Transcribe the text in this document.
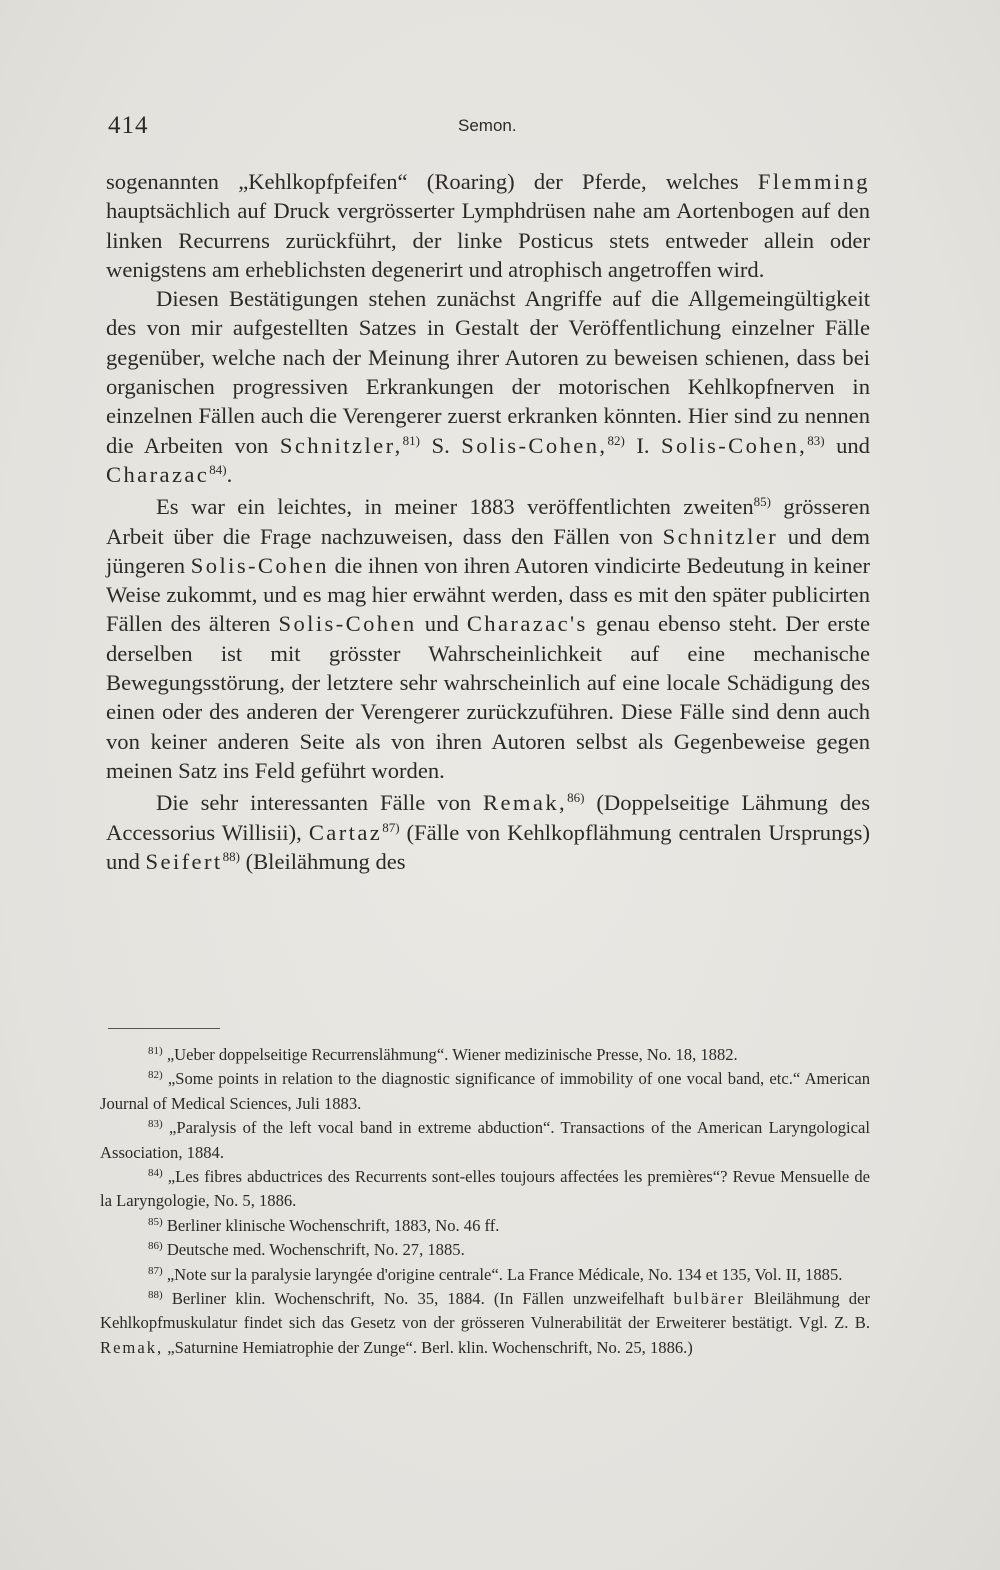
414	Semon.

sogenannten „Kehlkopfpfeifen“ (Roaring) der Pferde, welches Flemming hauptsächlich auf Druck vergrösserter Lymphdrüsen nahe am Aortenbogen auf den linken Recurrens zurückführt, der linke Posticus stets entweder allein oder wenigstens am erheblichsten degenerirt und atrophisch angetroffen wird.

Diesen Bestätigungen stehen zunächst Angriffe auf die Allgemeingültigkeit des von mir aufgestellten Satzes in Gestalt der Veröffentlichung einzelner Fälle gegenüber, welche nach der Meinung ihrer Autoren zu beweisen schienen, dass bei organischen progressiven Erkrankungen der motorischen Kehlkopfnerven in einzelnen Fällen auch die Verengerer zuerst erkranken könnten. Hier sind zu nennen die Arbeiten von Schnitzler,$^{81)}$ S. Solis-Cohen,$^{82)}$ I. Solis-Cohen,$^{83)}$ und Charazac$^{84)}$.

Es war ein leichtes, in meiner 1883 veröffentlichten zweiten$^{85)}$ grösseren Arbeit über die Frage nachzuweisen, dass den Fällen von Schnitzler und dem jüngeren Solis-Cohen die ihnen von ihren Autoren vindicirte Bedeutung in keiner Weise zukommt, und es mag hier erwähnt werden, dass es mit den später publicirten Fällen des älteren Solis-Cohen und Charazac's genau ebenso steht. Der erste derselben ist mit grösster Wahrscheinlichkeit auf eine mechanische Bewegungsstörung, der letztere sehr wahrscheinlich auf eine locale Schädigung des einen oder des anderen der Verengerer zurückzuführen. Diese Fälle sind denn auch von keiner anderen Seite als von ihren Autoren selbst als Gegenbeweise gegen meinen Satz ins Feld geführt worden.

Die sehr interessanten Fälle von Remak,$^{86)}$ (Doppelseitige Lähmung des Accessorius Willisii), Cartaz$^{87)}$ (Fälle von Kehlkopflähmung centralen Ursprungs) und Seifert$^{88)}$ (Bleilähmung des

$^{81)}$ „Ueber doppelseitige Recurrenslähmung“. Wiener medizinische Presse, No. 18, 1882.

$^{82)}$ „Some points in relation to the diagnostic significance of immobility of one vocal band, etc.“ American Journal of Medical Sciences, Juli 1883.

$^{83)}$ „Paralysis of the left vocal band in extreme abduction“. Transactions of the American Laryngological Association, 1884.

$^{84)}$ „Les fibres abductrices des Recurrents sont-elles toujours affectées les premières“? Revue Mensuelle de la Laryngologie, No. 5, 1886.

$^{85)}$ Berliner klinische Wochenschrift, 1883, No. 46 ff.

$^{86)}$ Deutsche med. Wochenschrift, No. 27, 1885.

$^{87)}$ „Note sur la paralysie laryngée d'origine centrale“. La France Médicale, No. 134 et 135, Vol. II, 1885.

$^{88)}$ Berliner klin. Wochenschrift, No. 35, 1884. (In Fällen unzweifelhaft bulbärer Bleilähmung der Kehlkopfmuskulatur findet sich das Gesetz von der grösseren Vulnerabilität der Erweiterer bestätigt. Vgl. Z. B. Remak, „Saturnine Hemiatrophie der Zunge“. Berl. klin. Wochenschrift, No. 25, 1886.)
